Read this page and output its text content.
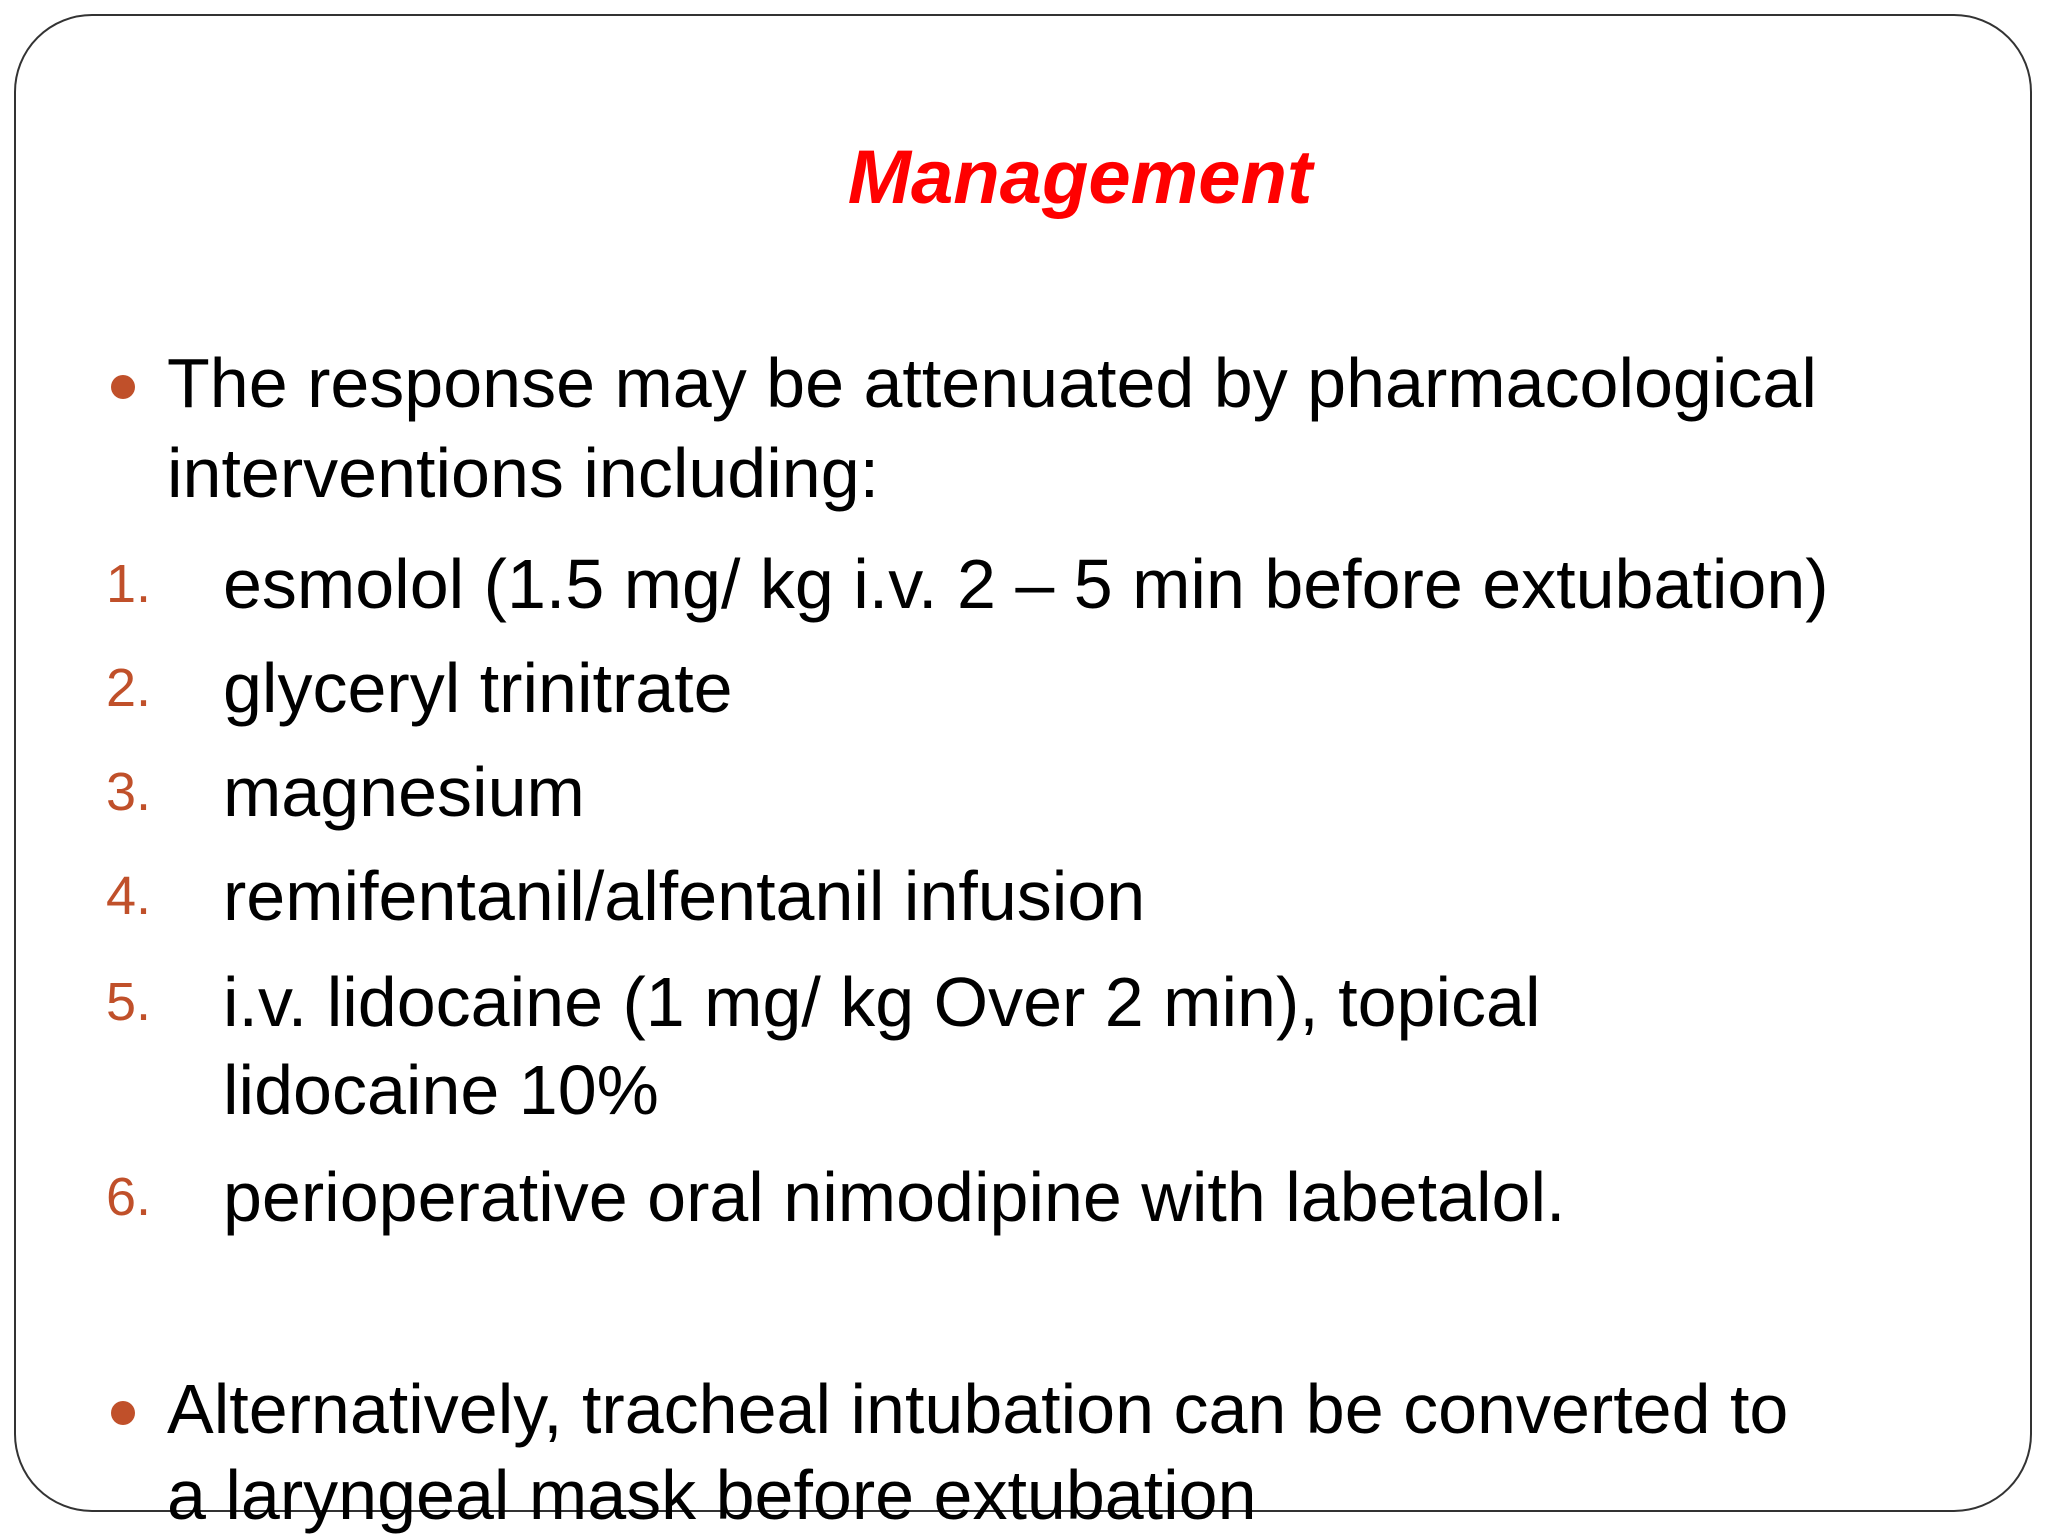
Management
The response may be attenuated by pharmacological
interventions including:
1. esmolol (1.5 mg/ kg i.v. 2 – 5 min before extubation)
2. glyceryl trinitrate
3. magnesium
4. remifentanil/alfentanil infusion
5. i.v. lidocaine (1 mg/ kg Over 2 min), topical
lidocaine 10%
6. perioperative oral nimodipine with labetalol.
Alternatively, tracheal intubation can be converted to
a laryngeal mask before extubation
